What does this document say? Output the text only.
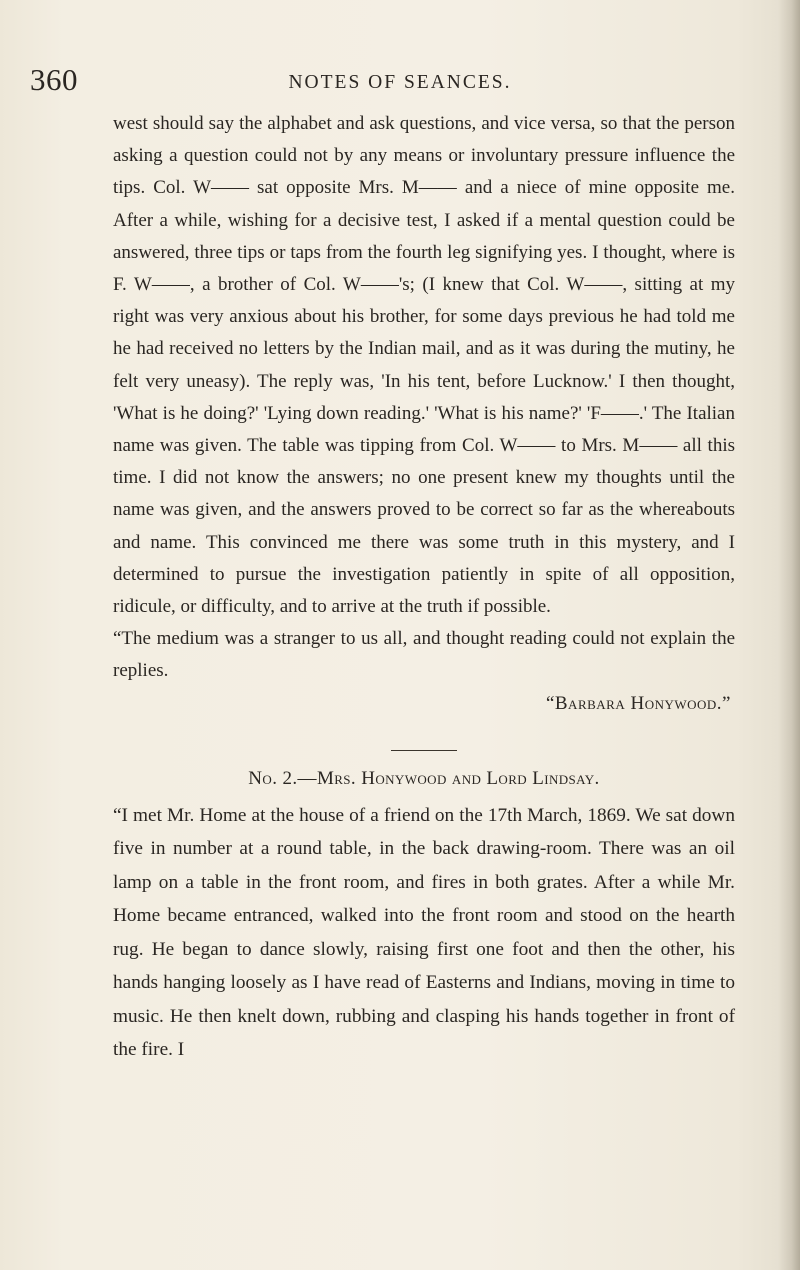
360	NOTES OF SEANCES.

west should say the alphabet and ask questions, and vice versa, so that the person asking a question could not by any means or involuntary pressure influence the tips. Col. W—— sat opposite Mrs. M—— and a niece of mine opposite me. After a while, wishing for a decisive test, I asked if a mental question could be answered, three tips or taps from the fourth leg signifying yes. I thought, where is F. W——, a brother of Col. W——'s; (I knew that Col. W——, sitting at my right was very anxious about his brother, for some days previous he had told me he had received no letters by the Indian mail, and as it was during the mutiny, he felt very uneasy). The reply was, 'In his tent, before Lucknow.' I then thought, 'What is he doing?' 'Lying down reading.' 'What is his name?' 'F——.' The Italian name was given. The table was tipping from Col. W—— to Mrs. M—— all this time. I did not know the answers; no one present knew my thoughts until the name was given, and the answers proved to be correct so far as the whereabouts and name. This convinced me there was some truth in this mystery, and I determined to pursue the investigation patiently in spite of all opposition, ridicule, or difficulty, and to arrive at the truth if possible.

“The medium was a stranger to us all, and thought reading could not explain the replies.

“Barbara Honywood.”

No. 2.—Mrs. Honywood and Lord Lindsay.

“I met Mr. Home at the house of a friend on the 17th March, 1869. We sat down five in number at a round table, in the back drawing-room. There was an oil lamp on a table in the front room, and fires in both grates. After a while Mr. Home became entranced, walked into the front room and stood on the hearth rug. He began to dance slowly, raising first one foot and then the other, his hands hanging loosely as I have read of Easterns and Indians, moving in time to music. He then knelt down, rubbing and clasping his hands together in front of the fire. I
